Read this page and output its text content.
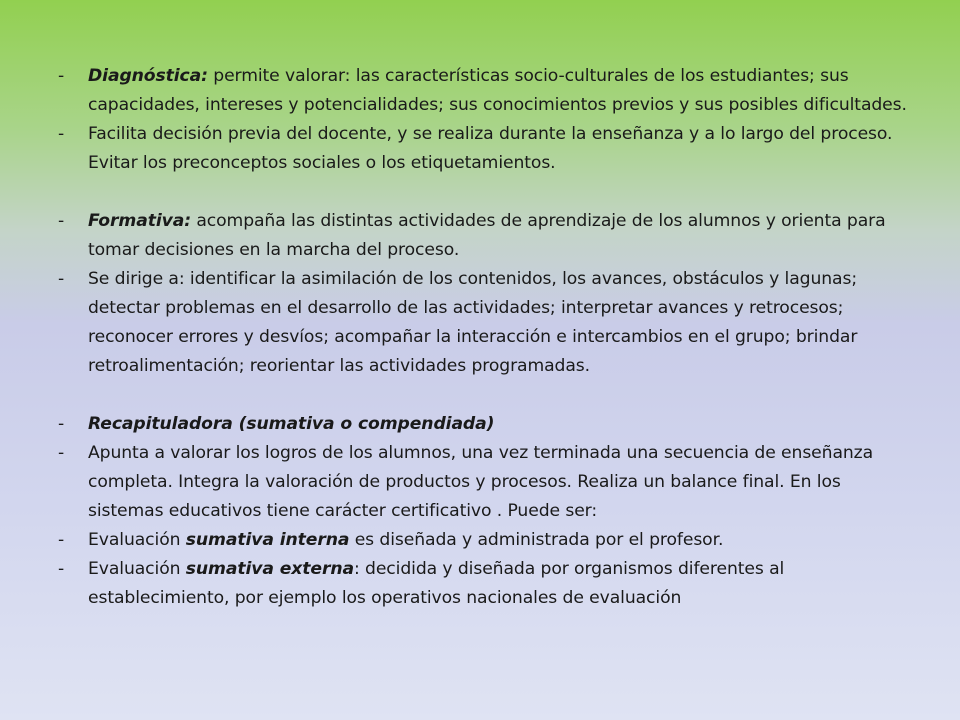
- Diagnóstica: permite valorar: las características socio-culturales de los estudiantes; sus capacidades, intereses y potencialidades; sus conocimientos previos y sus posibles dificultades.
- Facilita decisión previa del docente, y se realiza durante la enseñanza y a lo largo del proceso. Evitar los preconceptos sociales o los etiquetamientos.
- Formativa: acompaña las distintas actividades de aprendizaje de los alumnos y orienta para tomar decisiones en la marcha del proceso.
- Se dirige a: identificar la asimilación de los contenidos, los avances, obstáculos y lagunas; detectar problemas en el desarrollo de las actividades; interpretar avances y retrocesos; reconocer errores y desvíos; acompañar la interacción e intercambios en el grupo; brindar retroalimentación; reorientar las actividades programadas.
- Recapituladora (sumativa o compendiada)
- Apunta a valorar los logros de los alumnos, una vez terminada una secuencia de enseñanza completa. Integra la valoración de productos y procesos. Realiza un balance final. En los sistemas educativos tiene carácter certificativo . Puede ser:
- Evaluación sumativa interna es diseñada y administrada por el profesor.
- Evaluación sumativa externa: decidida y diseñada por organismos diferentes al establecimiento, por ejemplo los operativos nacionales de evaluación
